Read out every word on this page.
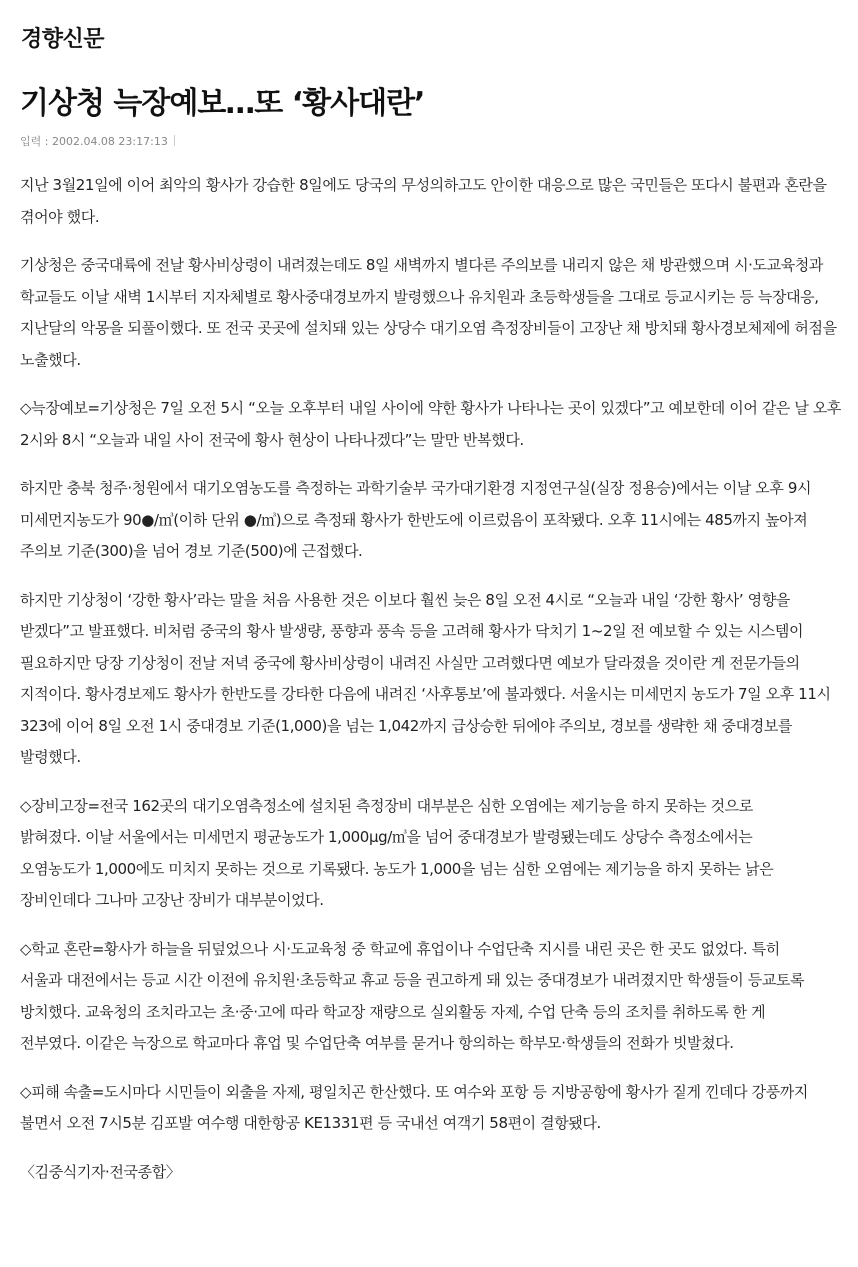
경향신문
기상청 늑장예보…또 ‘황사대란’
입력 : 2002.04.08 23:17:13

지난 3월21일에 이어 최악의 황사가 강습한 8일에도 당국의 무성의하고도 안이한 대응으로 많은 국민들은 또다시 불편과 혼란을 겪어야 했다.

기상청은 중국대륙에 전날 황사비상령이 내려졌는데도 8일 새벽까지 별다른 주의보를 내리지 않은 채 방관했으며 시·도교육청과 학교들도 이날 새벽 1시부터 지자체별로 황사중대경보까지 발령했으나 유치원과 초등학생들을 그대로 등교시키는 등 늑장대응, 지난달의 악몽을 되풀이했다. 또 전국 곳곳에 설치돼 있는 상당수 대기오염 측정장비들이 고장난 채 방치돼 황사경보체제에 허점을 노출했다.

◇늑장예보=기상청은 7일 오전 5시 “오늘 오후부터 내일 사이에 약한 황사가 나타나는 곳이 있겠다”고 예보한데 이어 같은 날 오후 2시와 8시 “오늘과 내일 사이 전국에 황사 현상이 나타나겠다”는 말만 반복했다.

하지만 충북 청주·청원에서 대기오염농도를 측정하는 과학기술부 국가대기환경 지정연구실(실장 정용승)에서는 이날 오후 9시 미세먼지농도가 90●/㎥(이하 단위 ●/㎥)으로 측정돼 황사가 한반도에 이르렀음이 포착됐다. 오후 11시에는 485까지 높아져 주의보 기준(300)을 넘어 경보 기준(500)에 근접했다.

하지만 기상청이 ‘강한 황사’라는 말을 처음 사용한 것은 이보다 훨씬 늦은 8일 오전 4시로 “오늘과 내일 ‘강한 황사’ 영향을 받겠다”고 발표했다. 비처럼 중국의 황사 발생량, 풍향과 풍속 등을 고려해 황사가 닥치기 1~2일 전 예보할 수 있는 시스템이 필요하지만 당장 기상청이 전날 저녁 중국에 황사비상령이 내려진 사실만 고려했다면 예보가 달라졌을 것이란 게 전문가들의 지적이다. 황사경보제도 황사가 한반도를 강타한 다음에 내려진 ‘사후통보’에 불과했다. 서울시는 미세먼지 농도가 7일 오후 11시 323에 이어 8일 오전 1시 중대경보 기준(1,000)을 넘는 1,042까지 급상승한 뒤에야 주의보, 경보를 생략한 채 중대경보를 발령했다.

◇장비고장=전국 162곳의 대기오염측정소에 설치된 측정장비 대부분은 심한 오염에는 제기능을 하지 못하는 것으로 밝혀졌다. 이날 서울에서는 미세먼지 평균농도가 1,000μg/㎥을 넘어 중대경보가 발령됐는데도 상당수 측정소에서는 오염농도가 1,000에도 미치지 못하는 것으로 기록됐다. 농도가 1,000을 넘는 심한 오염에는 제기능을 하지 못하는 낡은 장비인데다 그나마 고장난 장비가 대부분이었다.

◇학교 혼란=황사가 하늘을 뒤덮었으나 시·도교육청 중 학교에 휴업이나 수업단축 지시를 내린 곳은 한 곳도 없었다. 특히 서울과 대전에서는 등교 시간 이전에 유치원·초등학교 휴교 등을 권고하게 돼 있는 중대경보가 내려졌지만 학생들이 등교토록 방치했다. 교육청의 조치라고는 초·중·고에 따라 학교장 재량으로 실외활동 자제, 수업 단축 등의 조치를 취하도록 한 게 전부였다. 이같은 늑장으로 학교마다 휴업 및 수업단축 여부를 묻거나 항의하는 학부모·학생들의 전화가 빗발쳤다.

◇피해 속출=도시마다 시민들이 외출을 자제, 평일치곤 한산했다. 또 여수와 포항 등 지방공항에 황사가 짙게 낀데다 강풍까지 불면서 오전 7시5분 김포발 여수행 대한항공 KE1331편 등 국내선 여객기 58편이 결항됐다.

〈김중식기자·전국종합〉
